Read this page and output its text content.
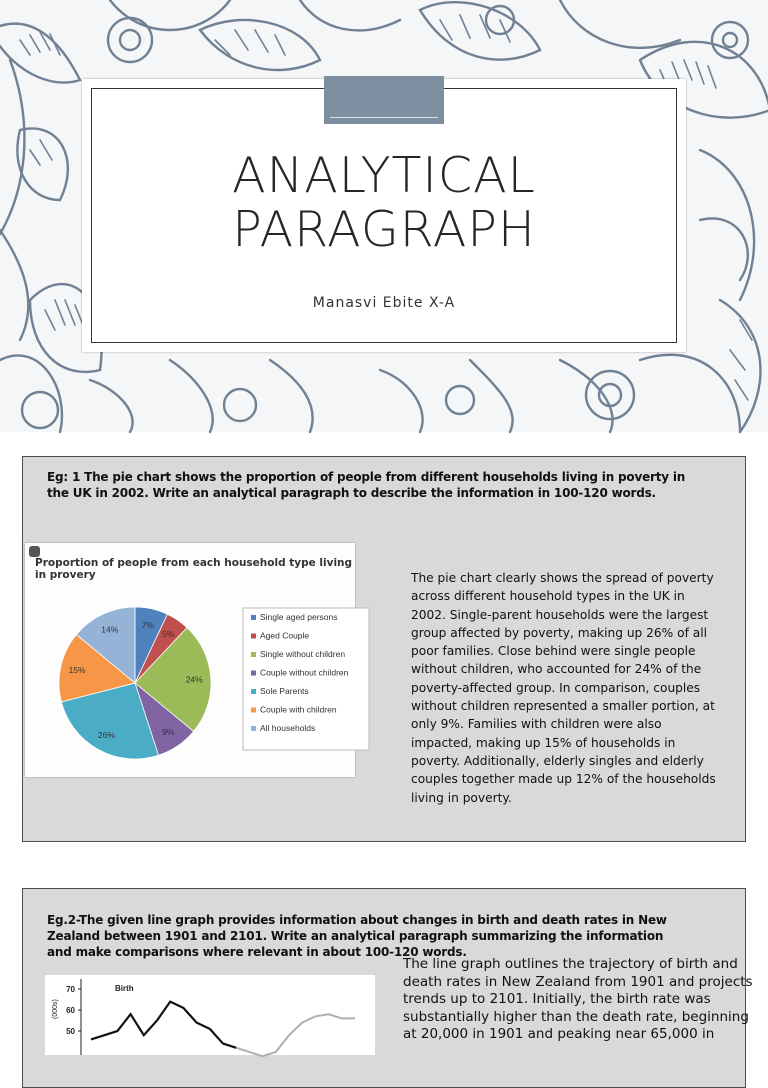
ANALYTICAL
PARAGRAPH
Manasvi Ebite X-A
Eg: 1 The pie chart shows the proportion of people from different households living in poverty in the UK in 2002. Write an analytical paragraph to describe the information in 100-120 words.
Proportion of people from each household type living in provery
7%
5%
24%
9%
26%
15%
14%
Single aged persons
Aged Couple
Single without children
Couple without children
Sole Parents
Couple with children
All households
The pie chart clearly shows the spread of poverty across different household types in the UK in 2002. Single-parent households were the largest group affected by poverty, making up 26% of all poor families. Close behind were single people without children, who accounted for 24% of the poverty-affected group. In comparison, couples without children represented a smaller portion, at only 9%. Families with children were also impacted, making up 15% of households in poverty. Additionally, elderly singles and elderly couples together made up 12% of the households living in poverty.
Eg.2-The given line graph provides information about changes in birth and death rates in New Zealand between 1901 and 2101. Write an analytical paragraph summarizing the information and make comparisons where relevant in about 100-120 words.
70
60
50
(000s)
Birth
The line graph outlines the trajectory of birth and death rates in New Zealand from 1901 and projects trends up to 2101. Initially, the birth rate was substantially higher than the death rate, beginning at 20,000 in 1901 and peaking near 65,000 in
